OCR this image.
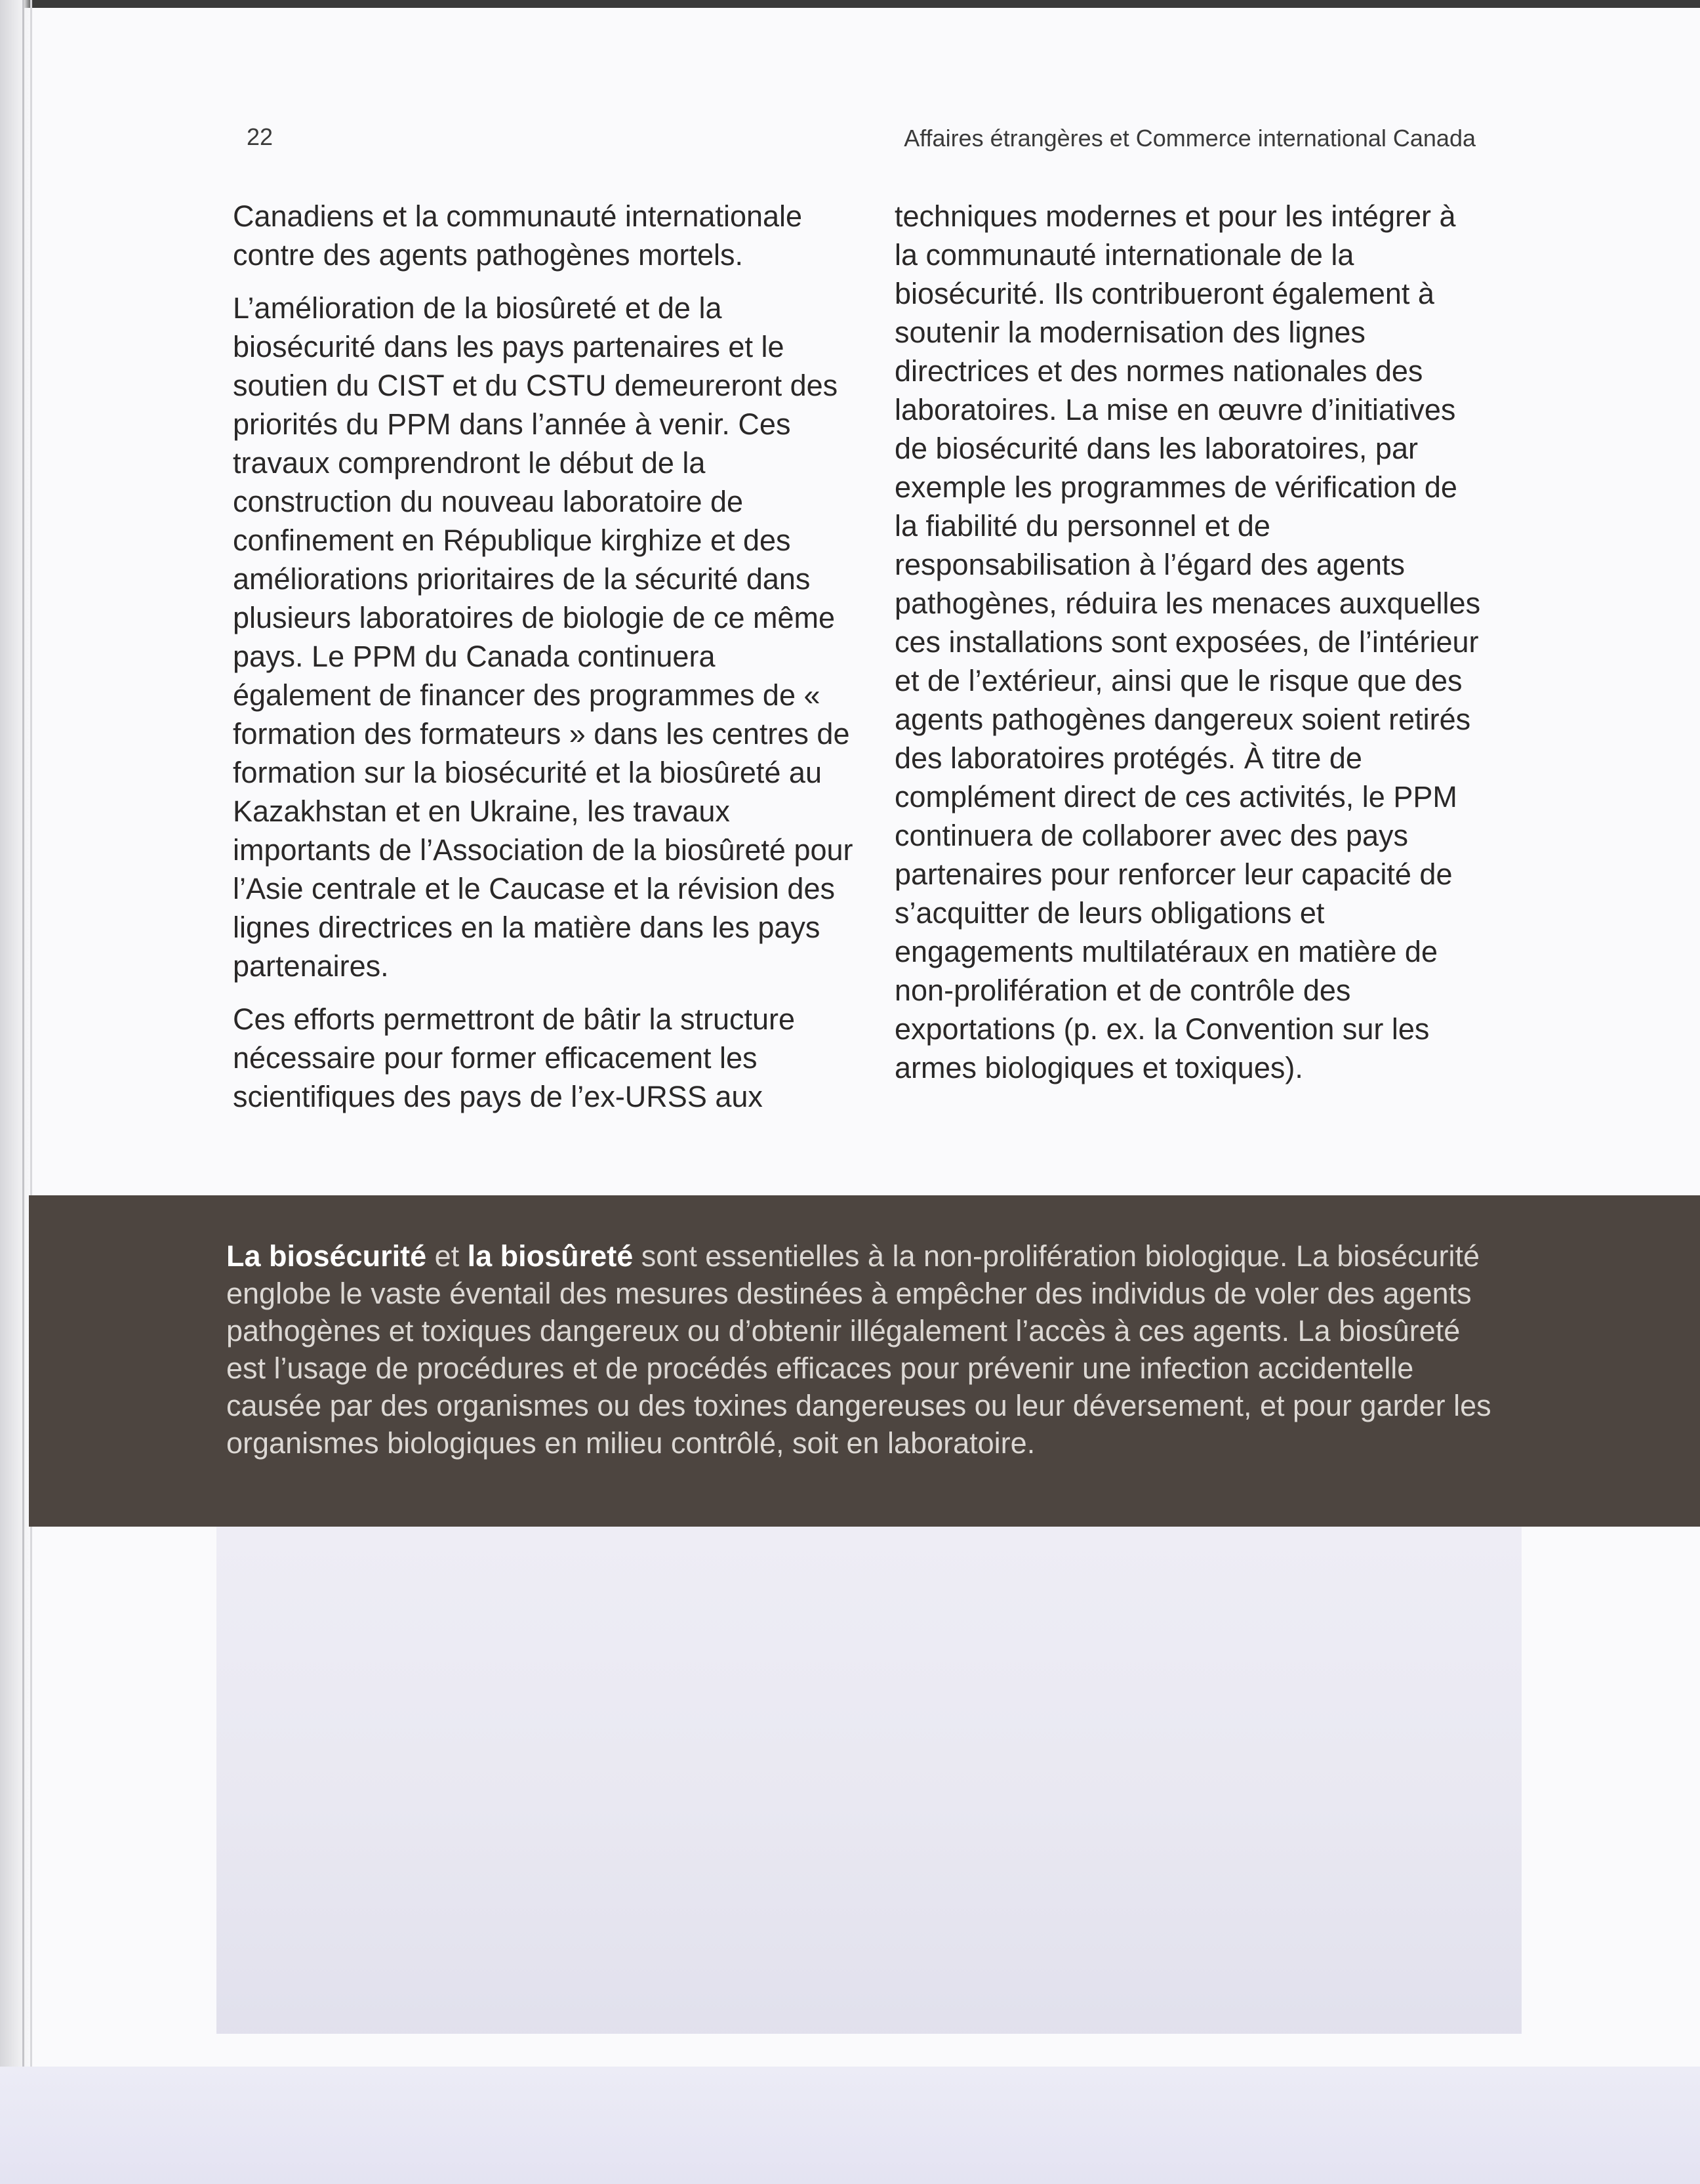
22	Affaires étrangères et Commerce international Canada

Canadiens et la communauté internationale contre des agents pathogènes mortels.

L’amélioration de la biosûreté et de la biosécurité dans les pays partenaires et le soutien du CIST et du CSTU demeureront des priorités du PPM dans l’année à venir. Ces travaux comprendront le début de la construction du nouveau laboratoire de confinement en République kirghize et des améliorations prioritaires de la sécurité dans plusieurs laboratoires de biologie de ce même pays. Le PPM du Canada continuera également de financer des programmes de « formation des formateurs » dans les centres de formation sur la biosécurité et la biosûreté au Kazakhstan et en Ukraine, les travaux importants de l’Association de la biosûreté pour l’Asie centrale et le Caucase et la révision des lignes directrices en la matière dans les pays partenaires.

Ces efforts permettront de bâtir la structure nécessaire pour former efficacement les scientifiques des pays de l’ex-URSS aux

techniques modernes et pour les intégrer à la communauté internationale de la biosécurité. Ils contribueront également à soutenir la modernisation des lignes directrices et des normes nationales des laboratoires. La mise en œuvre d’initiatives de biosécurité dans les laboratoires, par exemple les programmes de vérification de la fiabilité du personnel et de responsabilisation à l’égard des agents pathogènes, réduira les menaces auxquelles ces installations sont exposées, de l’intérieur et de l’extérieur, ainsi que le risque que des agents pathogènes dangereux soient retirés des laboratoires protégés. À titre de complément direct de ces activités, le PPM continuera de collaborer avec des pays partenaires pour renforcer leur capacité de s’acquitter de leurs obligations et engagements multilatéraux en matière de non-prolifération et de contrôle des exportations (p. ex. la Convention sur les armes biologiques et toxiques).

La biosécurité et la biosûreté sont essentielles à la non-prolifération biologique. La biosécurité englobe le vaste éventail des mesures destinées à empêcher des individus de voler des agents pathogènes et toxiques dangereux ou d’obtenir illégalement l’accès à ces agents. La biosûreté est l’usage de procédures et de procédés efficaces pour prévenir une infection accidentelle causée par des organismes ou des toxines dangereuses ou leur déversement, et pour garder les organismes biologiques en milieu contrôlé, soit en laboratoire.
